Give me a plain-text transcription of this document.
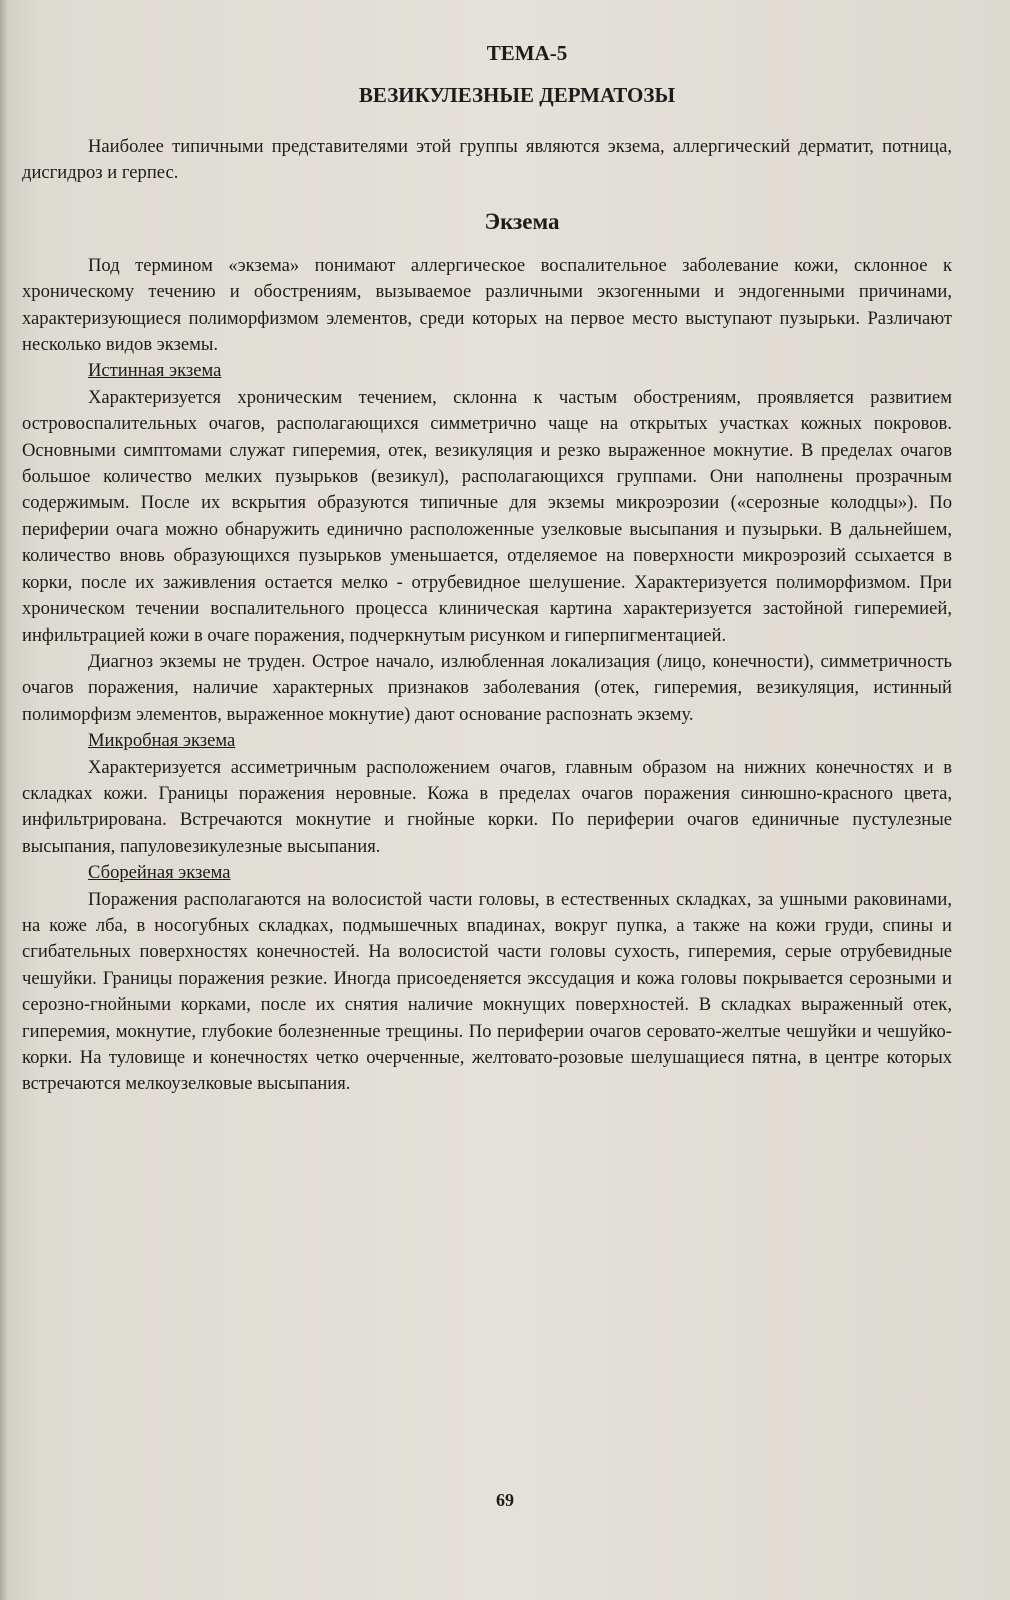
ТЕМА-5
ВЕЗИКУЛЕЗНЫЕ ДЕРМАТОЗЫ

Наиболее типичными представителями этой группы являются экзема, аллергический дерматит, потница, дисгидроз и герпес.

Экзема

Под термином «экзема» понимают аллергическое воспалительное заболевание кожи, склонное к хроническому течению и обострениям, вызываемое различными экзогенными и эндогенными причинами, характеризующиеся полиморфизмом элементов, среди которых на первое место выступают пузырьки. Различают несколько видов экземы.

Истинная экзема

Характеризуется хроническим течением, склонна к частым обострениям, проявляется развитием островоспалительных очагов, располагающихся симметрично чаще на открытых участках кожных покровов. Основными симптомами служат гиперемия, отек, везикуляция и резко выраженное мокнутие. В пределах очагов большое количество мелких пузырьков (везикул), располагающихся группами. Они наполнены прозрачным содержимым. После их вскрытия образуются типичные для экземы микроэрозии («серозные колодцы»). По периферии очага можно обнаружить единично расположенные узелковые высыпания и пузырьки. В дальнейшем, количество вновь образующихся пузырьков уменьшается, отделяемое на поверхности микроэрозий ссыхается в корки, после их заживления остается мелко - отрубевидное шелушение. Характеризуется полиморфизмом. При хроническом течении воспалительного процесса клиническая картина характеризуется застойной гиперемией, инфильтрацией кожи в очаге поражения, подчеркнутым рисунком и гиперпигментацией.

Диагноз экземы не труден. Острое начало, излюбленная локализация (лицо, конечности), симметричность очагов поражения, наличие характерных признаков заболевания (отек, гиперемия, везикуляция, истинный полиморфизм элементов, выраженное мокнутие) дают основание распознать экзему.

Микробная экзема

Характеризуется ассиметричным расположением очагов, главным образом на нижних конечностях и в складках кожи. Границы поражения неровные. Кожа в пределах очагов поражения синюшно-красного цвета, инфильтрирована. Встречаются мокнутие и гнойные корки. По периферии очагов единичные пустулезные высыпания, папуловезикулезные высыпания.

Сборейная экзема

Поражения располагаются на волосистой части головы, в естественных складках, за ушными раковинами, на коже лба, в носогубных складках, подмышечных впадинах, вокруг пупка, а также на кожи груди, спины и сгибательных поверхностях конечностей. На волосистой части головы сухость, гиперемия, серые отрубевидные чешуйки. Границы поражения резкие. Иногда присоеденяется экссудация и кожа головы покрывается серозными и серозно-гнойными корками, после их снятия наличие мокнущих поверхностей. В складках выраженный отек, гиперемия, мокнутие, глубокие болезненные трещины. По периферии очагов серовато-желтые чешуйки и чешуйко-корки. На туловище и конечностях четко очерченные, желтовато-розовые шелушащиеся пятна, в центре которых встречаются мелкоузелковые высыпания.

69
